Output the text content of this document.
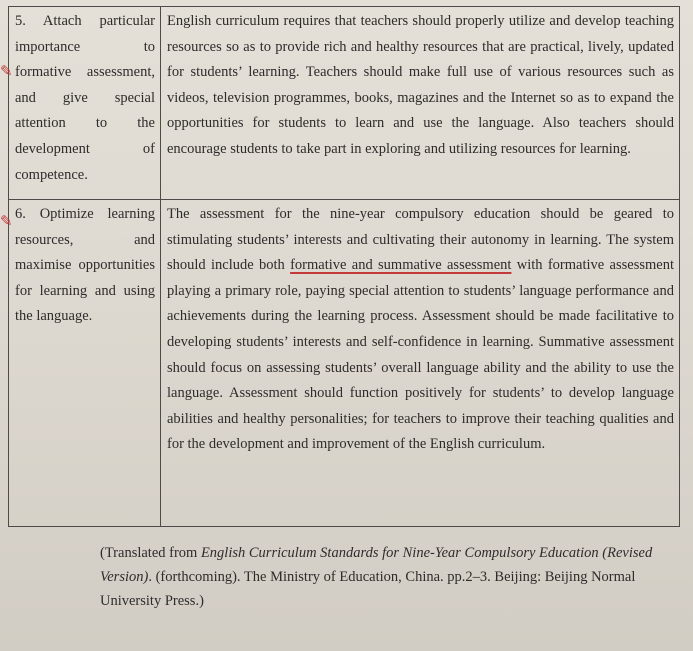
5. Attach particular importance to formative assessment, and give special attention to the development of competence.	English curriculum requires that teachers should properly utilize and develop teaching resources so as to provide rich and healthy resources that are practical, lively, updated for students’ learning. Teachers should make full use of various resources such as videos, television programmes, books, magazines and the Internet so as to expand the opportunities for students to learn and use the language. Also teachers should encourage students to take part in exploring and utilizing resources for learning.

6. Optimize learning resources, and maximise opportunities for learning and using the language.	The assessment for the nine-year compulsory education should be geared to stimulating students’ interests and cultivating their autonomy in learning. The system should include both formative and summative assessment with formative assessment playing a primary role, paying special attention to students’ language performance and achievements during the learning process. Assessment should be made facilitative to developing students’ interests and self-confidence in learning. Summative assessment should focus on assessing students’ overall language ability and the ability to use the language. Assessment should function positively for students’ to develop language abilities and healthy personalities; for teachers to improve their teaching qualities and for the development and improvement of the English curriculum.

✎
✎

(Translated from English Curriculum Standards for Nine-Year Compulsory Education (Revised Version). (forthcoming). The Ministry of Education, China. pp.2–3. Beijing: Beijing Normal University Press.)
